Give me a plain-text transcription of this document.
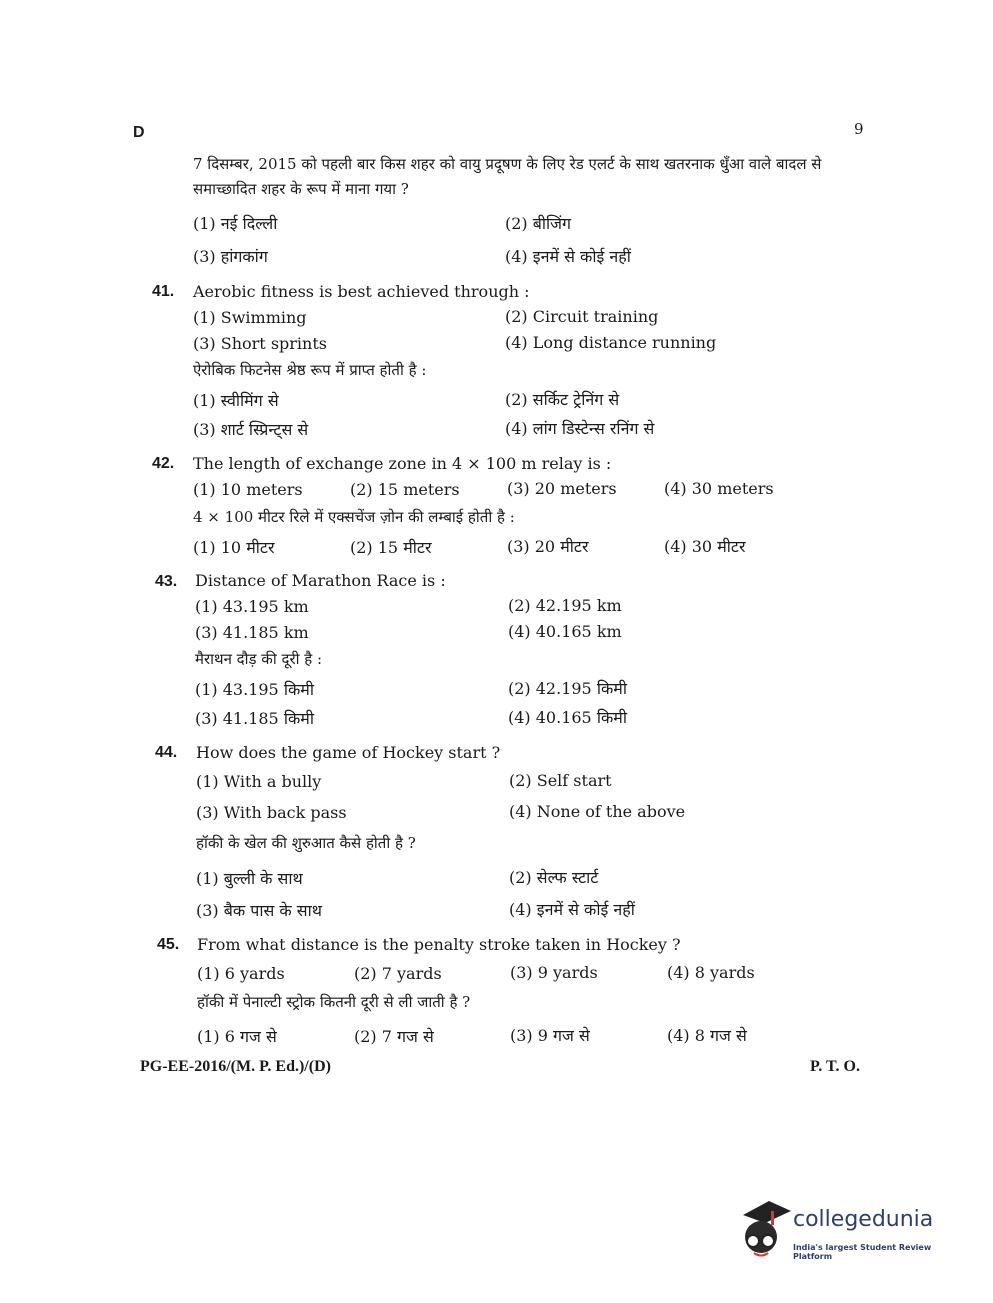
D	9
7 दिसम्बर, 2015 को पहली बार किस शहर को वायु प्रदूषण के लिए रेड एलर्ट के साथ खतरनाक धुँआ वाले बादल से समाच्छादित शहर के रूप में माना गया ?
(1) नई दिल्ली	(2) बीजिंग
(3) हांगकांग	(4) इनमें से कोई नहीं
41. Aerobic fitness is best achieved through :
(1) Swimming	(2) Circuit training
(3) Short sprints	(4) Long distance running
ऐरोबिक फिटनेस श्रेष्ठ रूप में प्राप्त होती है :
(1) स्वीमिंग से	(2) सर्किट ट्रेनिंग से
(3) शार्ट स्प्रिन्ट्स से	(4) लांग डिस्टेन्स रनिंग से
42. The length of exchange zone in 4 × 100 m relay is :
(1) 10 meters	(2) 15 meters	(3) 20 meters	(4) 30 meters
4 × 100 मीटर रिले में एक्सचेंज ज़ोन की लम्बाई होती है :
(1) 10 मीटर	(2) 15 मीटर	(3) 20 मीटर	(4) 30 मीटर
43. Distance of Marathon Race is :
(1) 43.195 km	(2) 42.195 km
(3) 41.185 km	(4) 40.165 km
मैराथन दौड़ की दूरी है :
(1) 43.195 किमी	(2) 42.195 किमी
(3) 41.185 किमी	(4) 40.165 किमी
44. How does the game of Hockey start ?
(1) With a bully	(2) Self start
(3) With back pass	(4) None of the above
हॉकी के खेल की शुरुआत कैसे होती है ?
(1) बुल्ली के साथ	(2) सेल्फ स्टार्ट
(3) बैक पास के साथ	(4) इनमें से कोई नहीं
45. From what distance is the penalty stroke taken in Hockey ?
(1) 6 yards	(2) 7 yards	(3) 9 yards	(4) 8 yards
हॉकी में पेनाल्टी स्ट्रोक कितनी दूरी से ली जाती है ?
(1) 6 गज से	(2) 7 गज से	(3) 9 गज से	(4) 8 गज से
PG-EE-2016/(M. P. Ed.)/(D)	P. T. O.
collegedunia
India's largest Student Review Platform
